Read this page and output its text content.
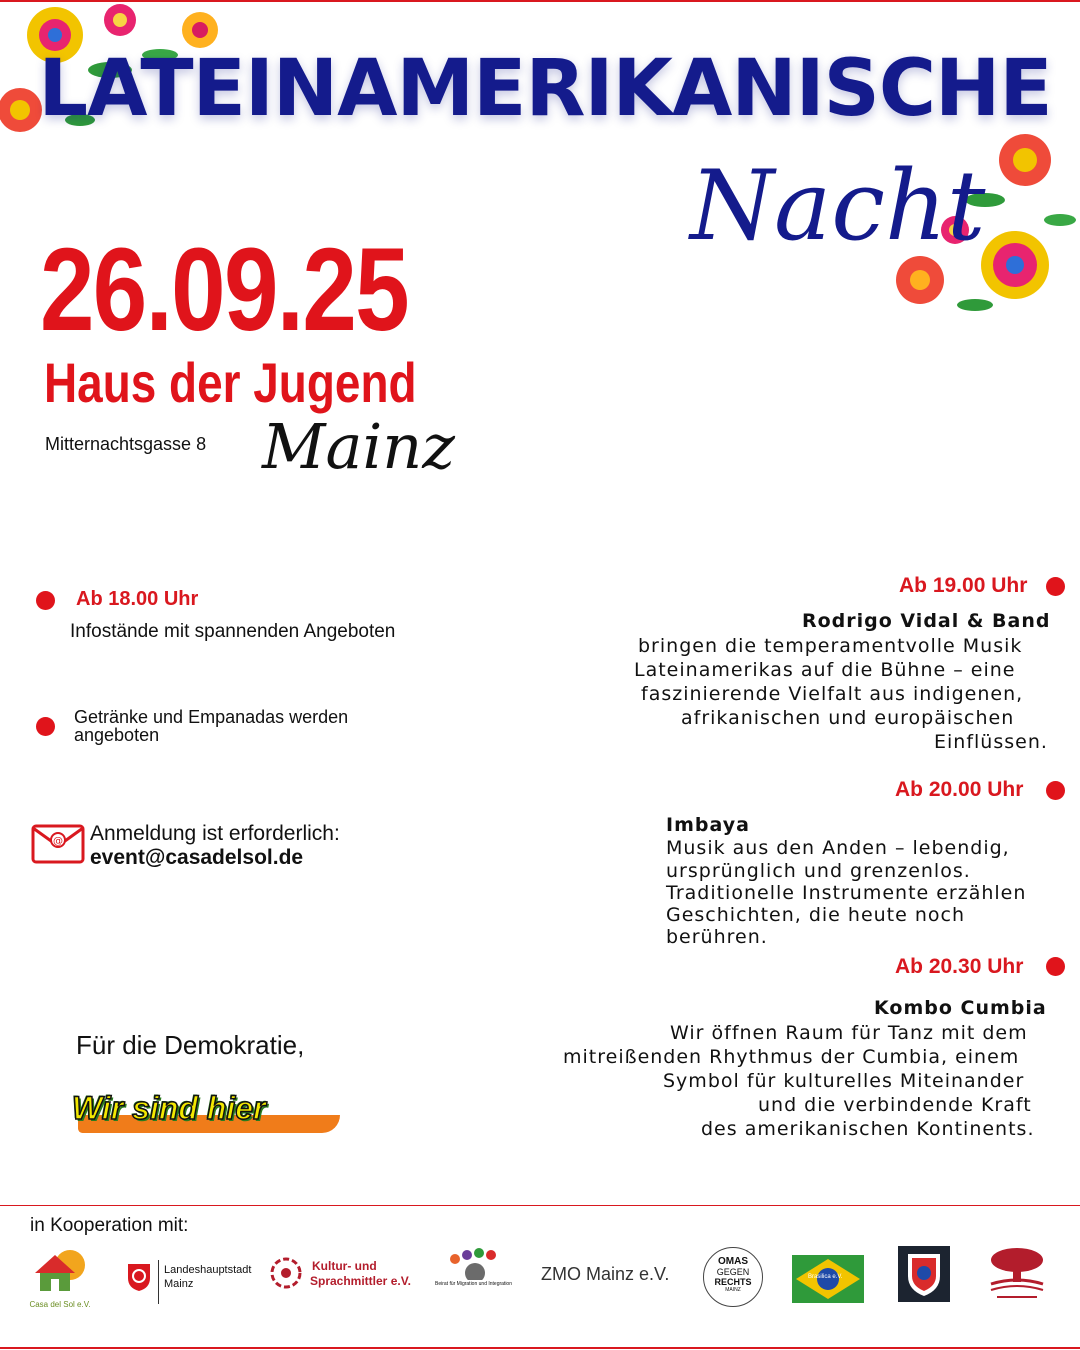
LATEINAMERIKANISCHE
Nacht
26.09.25
Haus der Jugend
Mitternachtsgasse 8 Mainz
Ab 18.00 Uhr
Infostände mit spannenden Angeboten
Getränke und Empanadas werden angeboten
@ Anmeldung ist erforderlich:
event@casadelsol.de
Ab 19.00 Uhr
Rodrigo Vidal & Band
bringen die temperamentvolle Musik
Lateinamerikas auf die Bühne – eine
faszinierende Vielfalt aus indigenen,
afrikanischen und europäischen
Einflüssen.
Ab 20.00 Uhr
Imbaya
Musik aus den Anden – lebendig,
ursprünglich und grenzenlos.
Traditionelle Instrumente erzählen
Geschichten, die heute noch
berühren.
Ab 20.30 Uhr
Kombo Cumbia
Wir öffnen Raum für Tanz mit dem
mitreißenden Rhythmus der Cumbia, einem
Symbol für kulturelles Miteinander
und die verbindende Kraft
des amerikanischen Kontinents.
Für die Demokratie,
Wir sind hier
in Kooperation mit:
Casa del Sol e.V.
Landeshauptstadt
Mainz
Kultur- und
Sprachmittler e.V.	Beirat für Migration und Integration ZMO Mainz e.V.
OMAS
GEGEN
RECHTS
MAINZ
Brasilica e.V.
